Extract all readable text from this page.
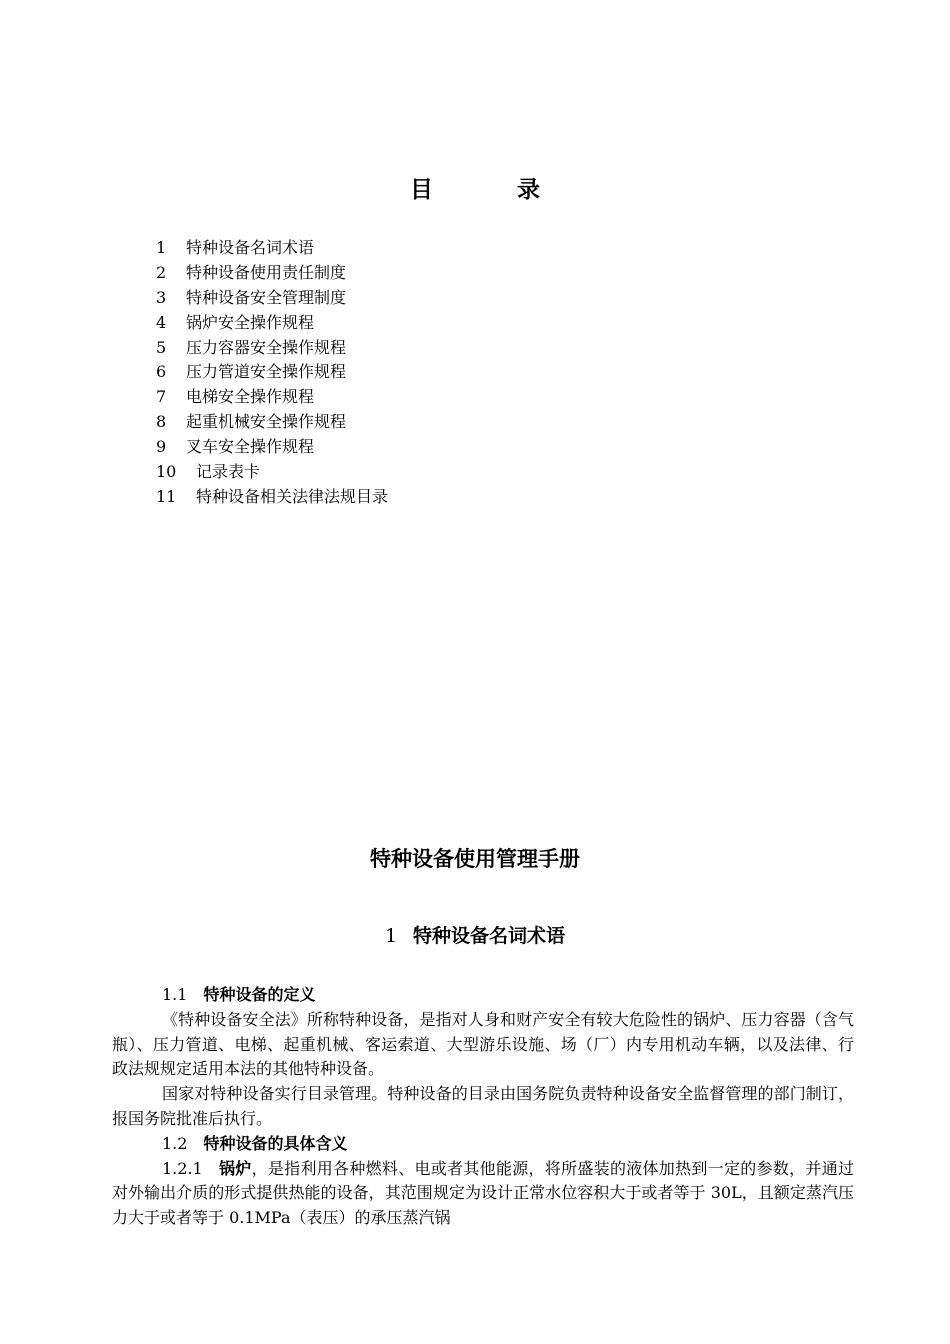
目 录
1 特种设备名词术语
2 特种设备使用责任制度
3 特种设备安全管理制度
4 锅炉安全操作规程
5 压力容器安全操作规程
6 压力管道安全操作规程
7 电梯安全操作规程
8 起重机械安全操作规程
9 叉车安全操作规程
10 记录表卡
11 特种设备相关法律法规目录
特种设备使用管理手册
1 特种设备名词术语

1.1 特种设备的定义

《特种设备安全法》所称特种设备，是指对人身和财产安全有较大危险性的锅炉、压力容器（含气瓶）、压力管道、电梯、起重机械、客运索道、大型游乐设施、场（厂）内专用机动车辆，以及法律、行政法规规定适用本法的其他特种设备。

国家对特种设备实行目录管理。特种设备的目录由国务院负责特种设备安全监督管理的部门制订，报国务院批准后执行。

1.2 特种设备的具体含义

1.2.1 锅炉，是指利用各种燃料、电或者其他能源，将所盛装的液体加热到一定的参数，并通过对外输出介质的形式提供热能的设备，其范围规定为设计正常水位容积大于或者等于 30L，且额定蒸汽压力大于或者等于 0.1MPa（表压）的承压蒸汽锅
